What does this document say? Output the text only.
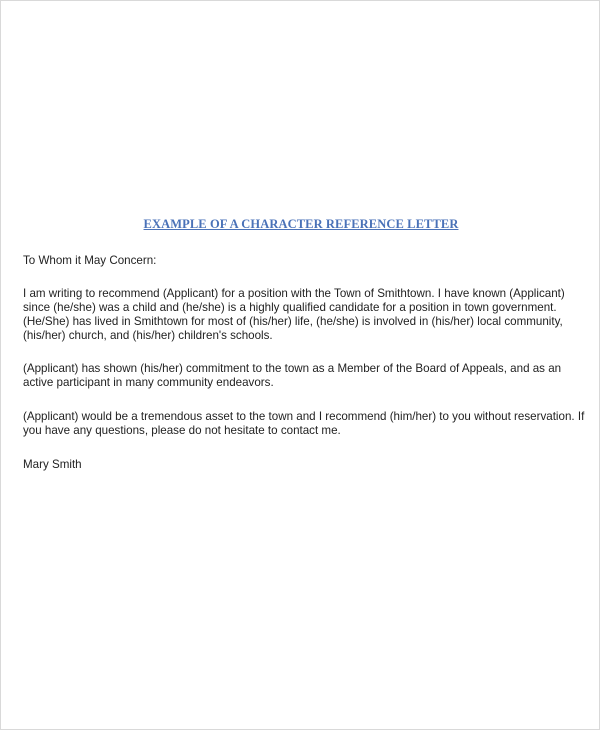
EXAMPLE OF A CHARACTER REFERENCE LETTER
To Whom it May Concern:
I am writing to recommend (Applicant) for a position with the Town of Smithtown. I have known (Applicant) since (he/she) was a child and (he/she) is a highly qualified candidate for a position in town government. (He/She) has lived in Smithtown for most of (his/her) life, (he/she) is involved in (his/her) local community, (his/her) church, and (his/her) children's schools.
(Applicant) has shown (his/her) commitment to the town as a Member of the Board of Appeals, and as an active participant in many community endeavors.
(Applicant) would be a tremendous asset to the town and I recommend (him/her) to you without reservation. If you have any questions, please do not hesitate to contact me.
Mary Smith
